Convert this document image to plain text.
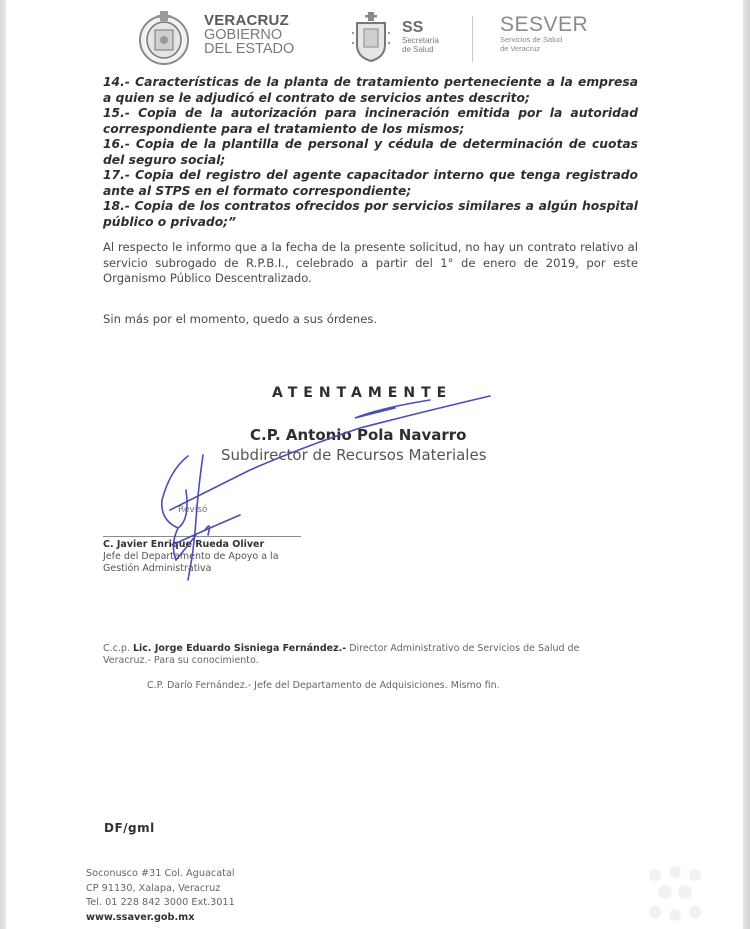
VERACRUZ
GOBIERNO
DEL ESTADO
SS
Secretaría
de Salud
SESVER
Servicios de Salud
de Veracruz

14.- Características de la planta de tratamiento perteneciente a la empresa a quien se le adjudicó el contrato de servicios antes descrito;

15.- Copia de la autorización para incineración emitida por la autoridad correspondiente para el tratamiento de los mismos;

16.- Copia de la plantilla de personal y cédula de determinación de cuotas del seguro social;

17.- Copia del registro del agente capacitador interno que tenga registrado ante al STPS en el formato correspondiente;

18.- Copia de los contratos ofrecidos por servicios similares a algún hospital público o privado;”

Al respecto le informo que a la fecha de la presente solicitud, no hay un contrato relativo al servicio subrogado de R.P.B.I., celebrado a partir del 1° de enero de 2019, por este Organismo Público Descentralizado.
Sin más por el momento, quedo a sus órdenes.
ATENTAMENTE
C.P. Antonio Pola Navarro
Subdirector de Recursos Materiales
Revisó
C. Javier Enrique Rueda Oliver
Jefe del Departamento de Apoyo a la
Gestión Administrativa
C.c.p. Lic. Jorge Eduardo Sisniega Fernández.- Director Administrativo de Servicios de Salud de Veracruz.- Para su conocimiento.
C.P. Darío Fernández.- Jefe del Departamento de Adquisiciones. Mismo fin.
DF/gml
Soconusco #31 Col. Aguacatal
CP 91130, Xalapa, Veracruz
Tel. 01 228 842 3000 Ext.3011
www.ssaver.gob.mx
